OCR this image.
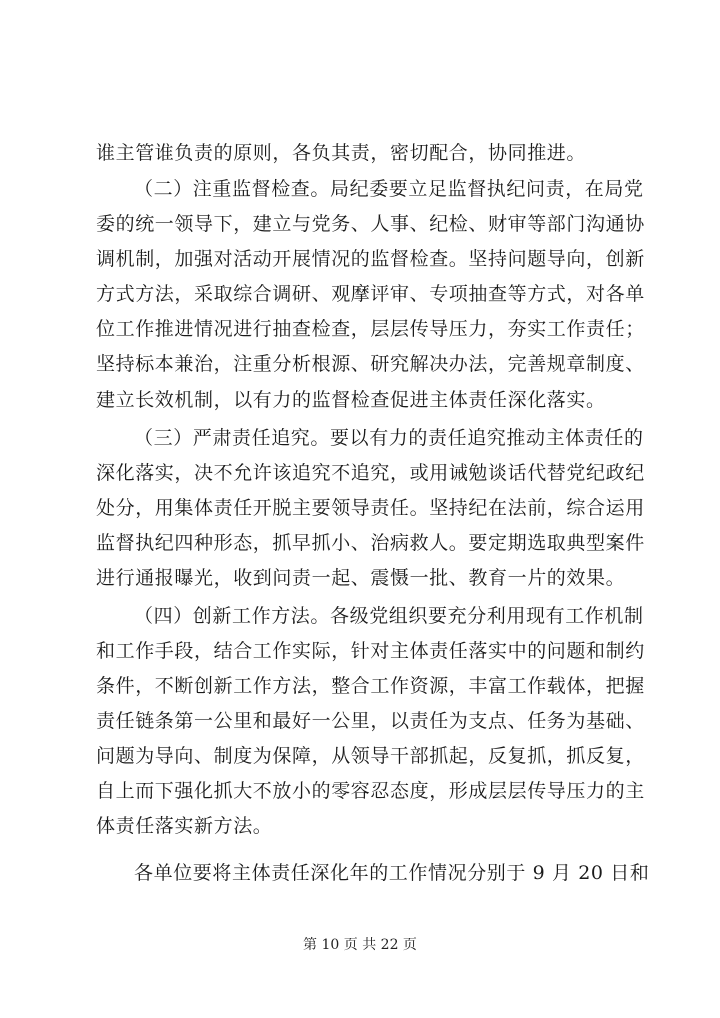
谁主管谁负责的原则，各负其责，密切配合，协同推进。
（二）注重监督检查。局纪委要立足监督执纪问责，在局党
委的统一领导下，建立与党务、人事、纪检、财审等部门沟通协
调机制，加强对活动开展情况的监督检查。坚持问题导向，创新
方式方法，采取综合调研、观摩评审、专项抽查等方式，对各单
位工作推进情况进行抽查检查，层层传导压力，夯实工作责任；
坚持标本兼治，注重分析根源、研究解决办法，完善规章制度、
建立长效机制，以有力的监督检查促进主体责任深化落实。
（三）严肃责任追究。要以有力的责任追究推动主体责任的
深化落实，决不允许该追究不追究，或用诫勉谈话代替党纪政纪
处分，用集体责任开脱主要领导责任。坚持纪在法前，综合运用
监督执纪四种形态，抓早抓小、治病救人。要定期选取典型案件
进行通报曝光，收到问责一起、震慑一批、教育一片的效果。
（四）创新工作方法。各级党组织要充分利用现有工作机制
和工作手段，结合工作实际，针对主体责任落实中的问题和制约
条件，不断创新工作方法，整合工作资源，丰富工作载体，把握
责任链条第一公里和最好一公里，以责任为支点、任务为基础、
问题为导向、制度为保障，从领导干部抓起，反复抓，抓反复，
自上而下强化抓大不放小的零容忍态度，形成层层传导压力的主
体责任落实新方法。
各单位要将主体责任深化年的工作情况分别于 9 月 20 日和
第 10 页 共 22 页
